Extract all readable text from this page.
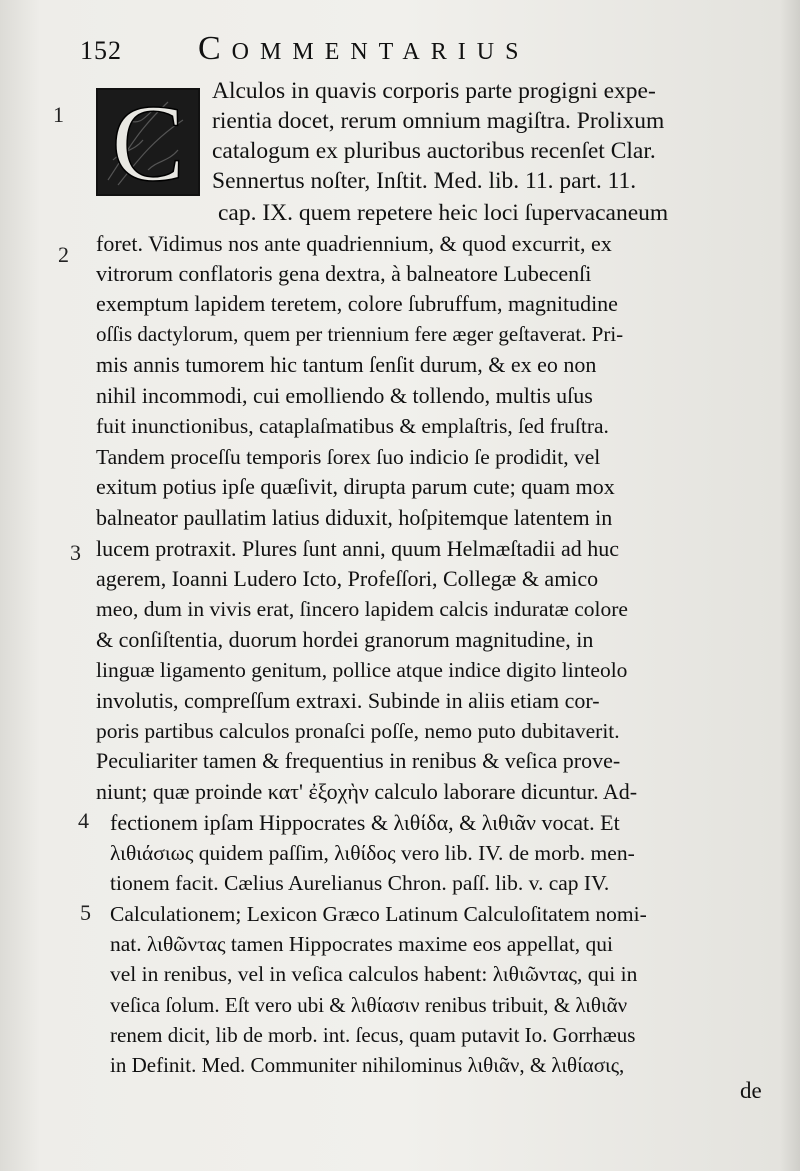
152 Commentarius
C
1
2
3
4
5
Alculos in quavis corporis parte progigni expe-
rientia docet, rerum omnium magiſtra. Prolixum
catalogum ex pluribus auctoribus recenſet Clar.
Sennertus noſter, Inſtit. Med. lib. 11. part. 11.
cap. IX. quem repetere heic loci ſupervacaneum
foret. Vidimus nos ante quadriennium, & quod excurrit, ex
vitrorum conflatoris gena dextra, à balneatore Lubecenſi
exemptum lapidem teretem, colore ſubruffum, magnitudine
oſſis dactylorum, quem per triennium fere æger geſtaverat. Pri-
mis annis tumorem hic tantum ſenſit durum, & ex eo non
nihil incommodi, cui emolliendo & tollendo, multis uſus
fuit inunctionibus, cataplaſmatibus & emplaſtris, ſed fruſtra.
Tandem proceſſu temporis ſorex ſuo indicio ſe prodidit, vel
exitum potius ipſe quæſivit, dirupta parum cute; quam mox
balneator paullatim latius diduxit, hoſpitemque latentem in
lucem protraxit. Plures ſunt anni, quum Helmæſtadii ad huc
agerem, Ioanni Ludero Icto, Profeſſori, Collegæ & amico
meo, dum in vivis erat, ſincero lapidem calcis induratæ colore
& conſiſtentia, duorum hordei granorum magnitudine, in
linguæ ligamento genitum, pollice atque indice digito linteolo
involutis, compreſſum extraxi. Subinde in aliis etiam cor-
poris partibus calculos pronaſci poſſe, nemo puto dubitaverit.
Peculiariter tamen & frequentius in renibus & veſica prove-
niunt; quæ proinde κατ' ἐξοχὴν calculo laborare dicuntur. Ad-
fectionem ipſam Hippocrates & λιθίδα, & λιθιᾶν vocat. Et
λιθιάσιως quidem paſſim, λιθίδος vero lib. IV. de morb. men-
tionem facit. Cælius Aurelianus Chron. paſſ. lib. v. cap IV.
Calculationem; Lexicon Græco Latinum Calculoſitatem nomi-
nat. λιθῶντας tamen Hippocrates maxime eos appellat, qui
vel in renibus, vel in veſica calculos habent: λιθιῶντας, qui in
veſica ſolum. Eſt vero ubi & λιθίασιν renibus tribuit, & λιθιᾶν
renem dicit, lib de morb. int. ſecus, quam putavit Io. Gorrhæus
in Definit. Med. Communiter nihilominus λιθιᾶν, & λιθίασις,
de
